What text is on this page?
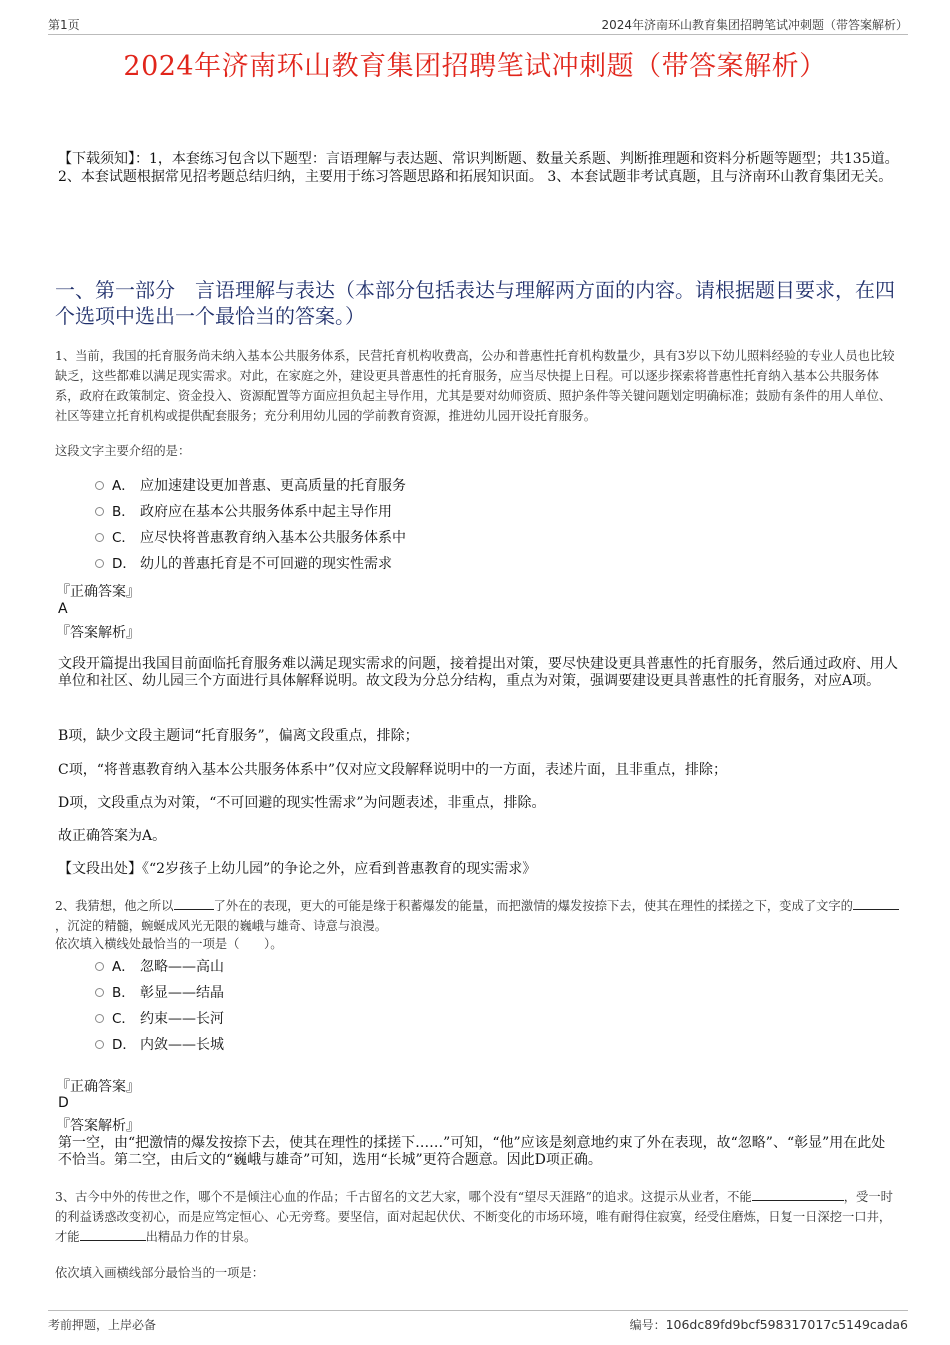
第1页	2024年济南环山教育集团招聘笔试冲刺题（带答案解析）
2024年济南环山教育集团招聘笔试冲刺题（带答案解析）
【下载须知】：1，本套练习包含以下题型：言语理解与表达题、常识判断题、数量关系题、判断推理题和资料分析题等题型；共135道。 2、本套试题根据常见招考题总结归纳，主要用于练习答题思路和拓展知识面。 3、本套试题非考试真题，且与济南环山教育集团无关。
一、第一部分　言语理解与表达（本部分包括表达与理解两方面的内容。请根据题目要求，在四个选项中选出一个最恰当的答案。）
1、当前，我国的托育服务尚未纳入基本公共服务体系，民营托育机构收费高，公办和普惠性托育机构数量少，具有3岁以下幼儿照料经验的专业人员也比较缺乏，这些都难以满足现实需求。对此，在家庭之外，建设更具普惠性的托育服务，应当尽快提上日程。可以逐步探索将普惠性托育纳入基本公共服务体系，政府在政策制定、资金投入、资源配置等方面应担负起主导作用，尤其是要对幼师资质、照护条件等关键问题划定明确标准；鼓励有条件的用人单位、社区等建立托育机构或提供配套服务；充分利用幼儿园的学前教育资源，推进幼儿园开设托育服务。
这段文字主要介绍的是：
A． 应加速建设更加普惠、更高质量的托育服务
B． 政府应在基本公共服务体系中起主导作用
C． 应尽快将普惠教育纳入基本公共服务体系中
D． 幼儿的普惠托育是不可回避的现实性需求
『正确答案』
A
『答案解析』
文段开篇提出我国目前面临托育服务难以满足现实需求的问题，接着提出对策，要尽快建设更具普惠性的托育服务，然后通过政府、用人单位和社区、幼儿园三个方面进行具体解释说明。故文段为分总分结构，重点为对策，强调要建设更具普惠性的托育服务，对应A项。
B项，缺少文段主题词“托育服务”，偏离文段重点，排除；
C项，“将普惠教育纳入基本公共服务体系中”仅对应文段解释说明中的一方面，表述片面，且非重点，排除；
D项，文段重点为对策，“不可回避的现实性需求”为问题表述，非重点，排除。
故正确答案为A。
【文段出处】《“2岁孩子上幼儿园”的争论之外，应看到普惠教育的现实需求》
2、我猜想，他之所以	了外在的表现，更大的可能是缘于积蓄爆发的能量，而把激情的爆发按捺下去，使其在理性的揉搓之下，变成了文字的，沉淀的精髓，蜿蜒成风光无限的巍峨与雄奇、诗意与浪漫。
依次填入横线处最恰当的一项是（　　）。
A． 忽略——高山
B． 彰显——结晶
C． 约束——长河
D． 内敛——长城
『正确答案』
D
『答案解析』
第一空，由“把激情的爆发按捺下去，使其在理性的揉搓下……”可知，“他”应该是刻意地约束了外在表现，故“忽略”、“彰显”用在此处不恰当。第二空，由后文的“巍峨与雄奇”可知，选用“长城”更符合题意。因此D项正确。
3、古今中外的传世之作，哪个不是倾注心血的作品；千古留名的文艺大家，哪个没有“望尽天涯路”的追求。这提示从业者，不能	，受一时的利益诱惑改变初心，而是应笃定恒心、心无旁骛。要坚信，面对起起伏伏、不断变化的市场环境，唯有耐得住寂寞，经受住磨炼，日复一日深挖一口井，才能	出精品力作的甘泉。
依次填入画横线部分最恰当的一项是：
考前押题，上岸必备	编号：106dc89fd9bcf598317017c5149cada6
